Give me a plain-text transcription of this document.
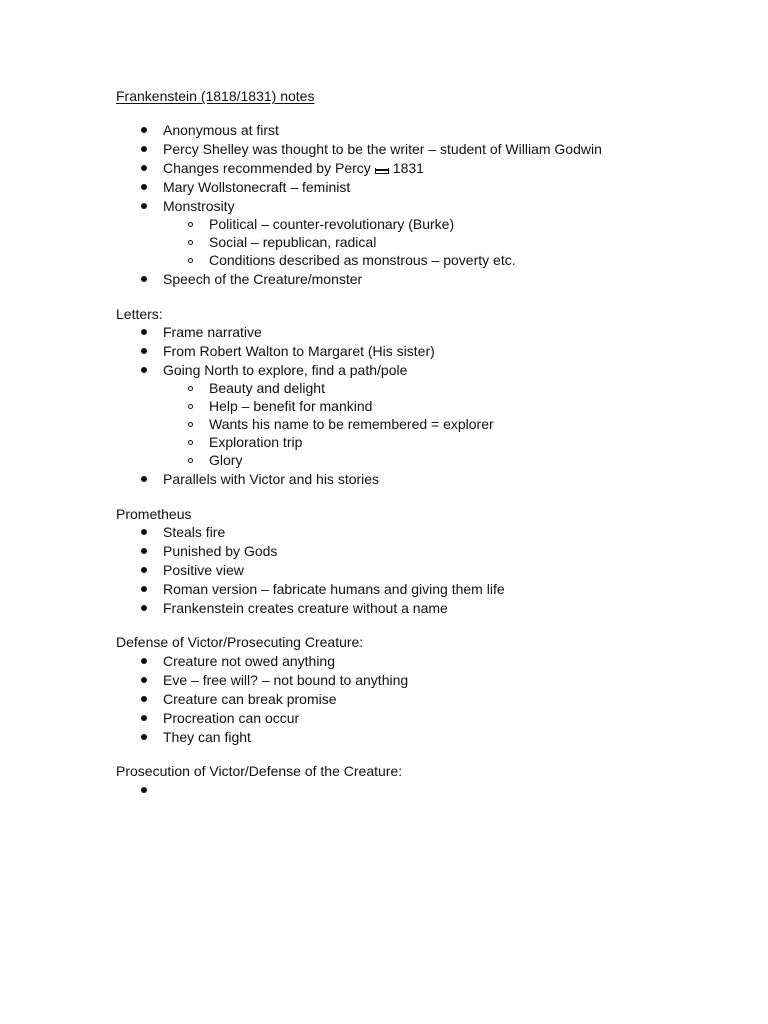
Frankenstein (1818/1831) notes
Anonymous at first
Percy Shelley was thought to be the writer – student of William Godwin
Changes recommended by Percy 1831
Mary Wollstonecraft – feminist
Monstrosity
Political – counter-revolutionary (Burke)
Social – republican, radical
Conditions described as monstrous – poverty etc.
Speech of the Creature/monster
Letters:
Frame narrative
From Robert Walton to Margaret (His sister)
Going North to explore, find a path/pole
Beauty and delight
Help – benefit for mankind
Wants his name to be remembered = explorer
Exploration trip
Glory
Parallels with Victor and his stories
Prometheus
Steals fire
Punished by Gods
Positive view
Roman version – fabricate humans and giving them life
Frankenstein creates creature without a name
Defense of Victor/Prosecuting Creature:
Creature not owed anything
Eve – free will? – not bound to anything
Creature can break promise
Procreation can occur
They can fight
Prosecution of Victor/Defense of the Creature:
